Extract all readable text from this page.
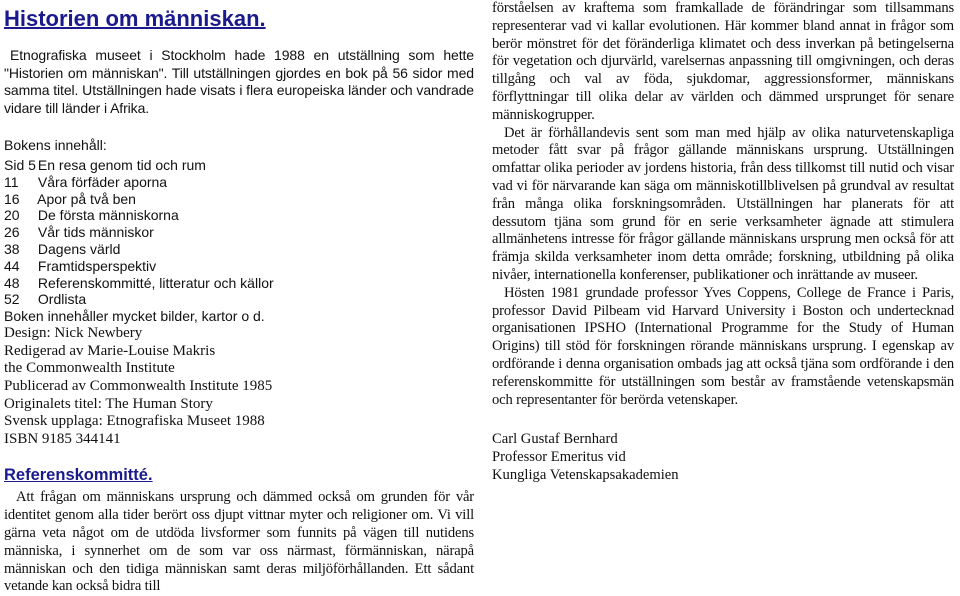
Historien om människan.

Etnografiska museet i Stockholm hade 1988 en utställning som hette "Historien om människan". Till utställningen gjordes en bok på 56 sidor med samma titel. Utställningen hade visats i flera europeiska länder och vandrade vidare till länder i Afrika.

Bokens innehåll:
Sid 5 En resa genom tid och rum
11 Våra förfäder aporna
16 Apor på två ben
20 De första människorna
26 Vår tids människor
38 Dagens värld
44 Framtidsperspektiv
48 Referenskommitté, litteratur och källor
52 Ordlista

Boken innehåller mycket bilder, kartor o d.

Design: Nick Newbery
Redigerad av Marie-Louise Makris
the Commonwealth Institute
Publicerad av Commonwealth Institute 1985
Originalets titel: The Human Story
Svensk upplaga: Etnografiska Museet 1988
ISBN 9185 344141
Referenskommitté.

Att frågan om människans ursprung och dämmed också om grunden för vår identitet genom alla tider berört oss djupt vittnar myter och religioner om. Vi vill gärna veta något om de utdöda livsformer som funnits på vägen till nutidens människa, i synnerhet om de som var oss närmast, förmänniskan, närapå människan och den tidiga människan samt deras miljöförhållanden. Ett sådant vetande kan också bidra till

förståelsen av kraftema som framkallade de förändringar som tillsammans representerar vad vi kallar evolutionen. Här kommer bland annat in frågor som berör mönstret för det föränderliga klimatet och dess inverkan på betingelserna för vegetation och djurvärld, varelsernas anpassning till omgivningen, och deras tillgång och val av föda, sjukdomar, aggressionsformer, människans förflyttningar till olika delar av världen och dämmed ursprunget för senare människogrupper.

Det är förhållandevis sent som man med hjälp av olika naturvetenskapliga metoder fått svar på frågor gällande människans ursprung. Utställningen omfattar olika perioder av jordens historia, från dess tillkomst till nutid och visar vad vi för närvarande kan säga om människotillblivelsen på grundval av resultat från många olika forskningsområden. Utställningen har planerats för att dessutom tjäna som grund för en serie verksamheter ägnade att stimulera allmänhetens intresse för frågor gällande människans ursprung men också för att främja skilda verksamheter inom detta område; forskning, utbildning på olika nivåer, internationella konferenser, publikationer och inrättande av museer.

Hösten 1981 grundade professor Yves Coppens, College de France i Paris, professor David Pilbeam vid Harvard University i Boston och undertecknad organisationen IPSHO (International Programme for the Study of Human Origins) till stöd för forskningen rörande människans ursprung. I egenskap av ordförande i denna organisation ombads jag att också tjäna som ordförande i den referenskommitte för utställningen som består av framstående vetenskapsmän och representanter för berörda vetenskaper.

Carl Gustaf Bernhard
Professor Emeritus vid
Kungliga Vetenskapsakademien
